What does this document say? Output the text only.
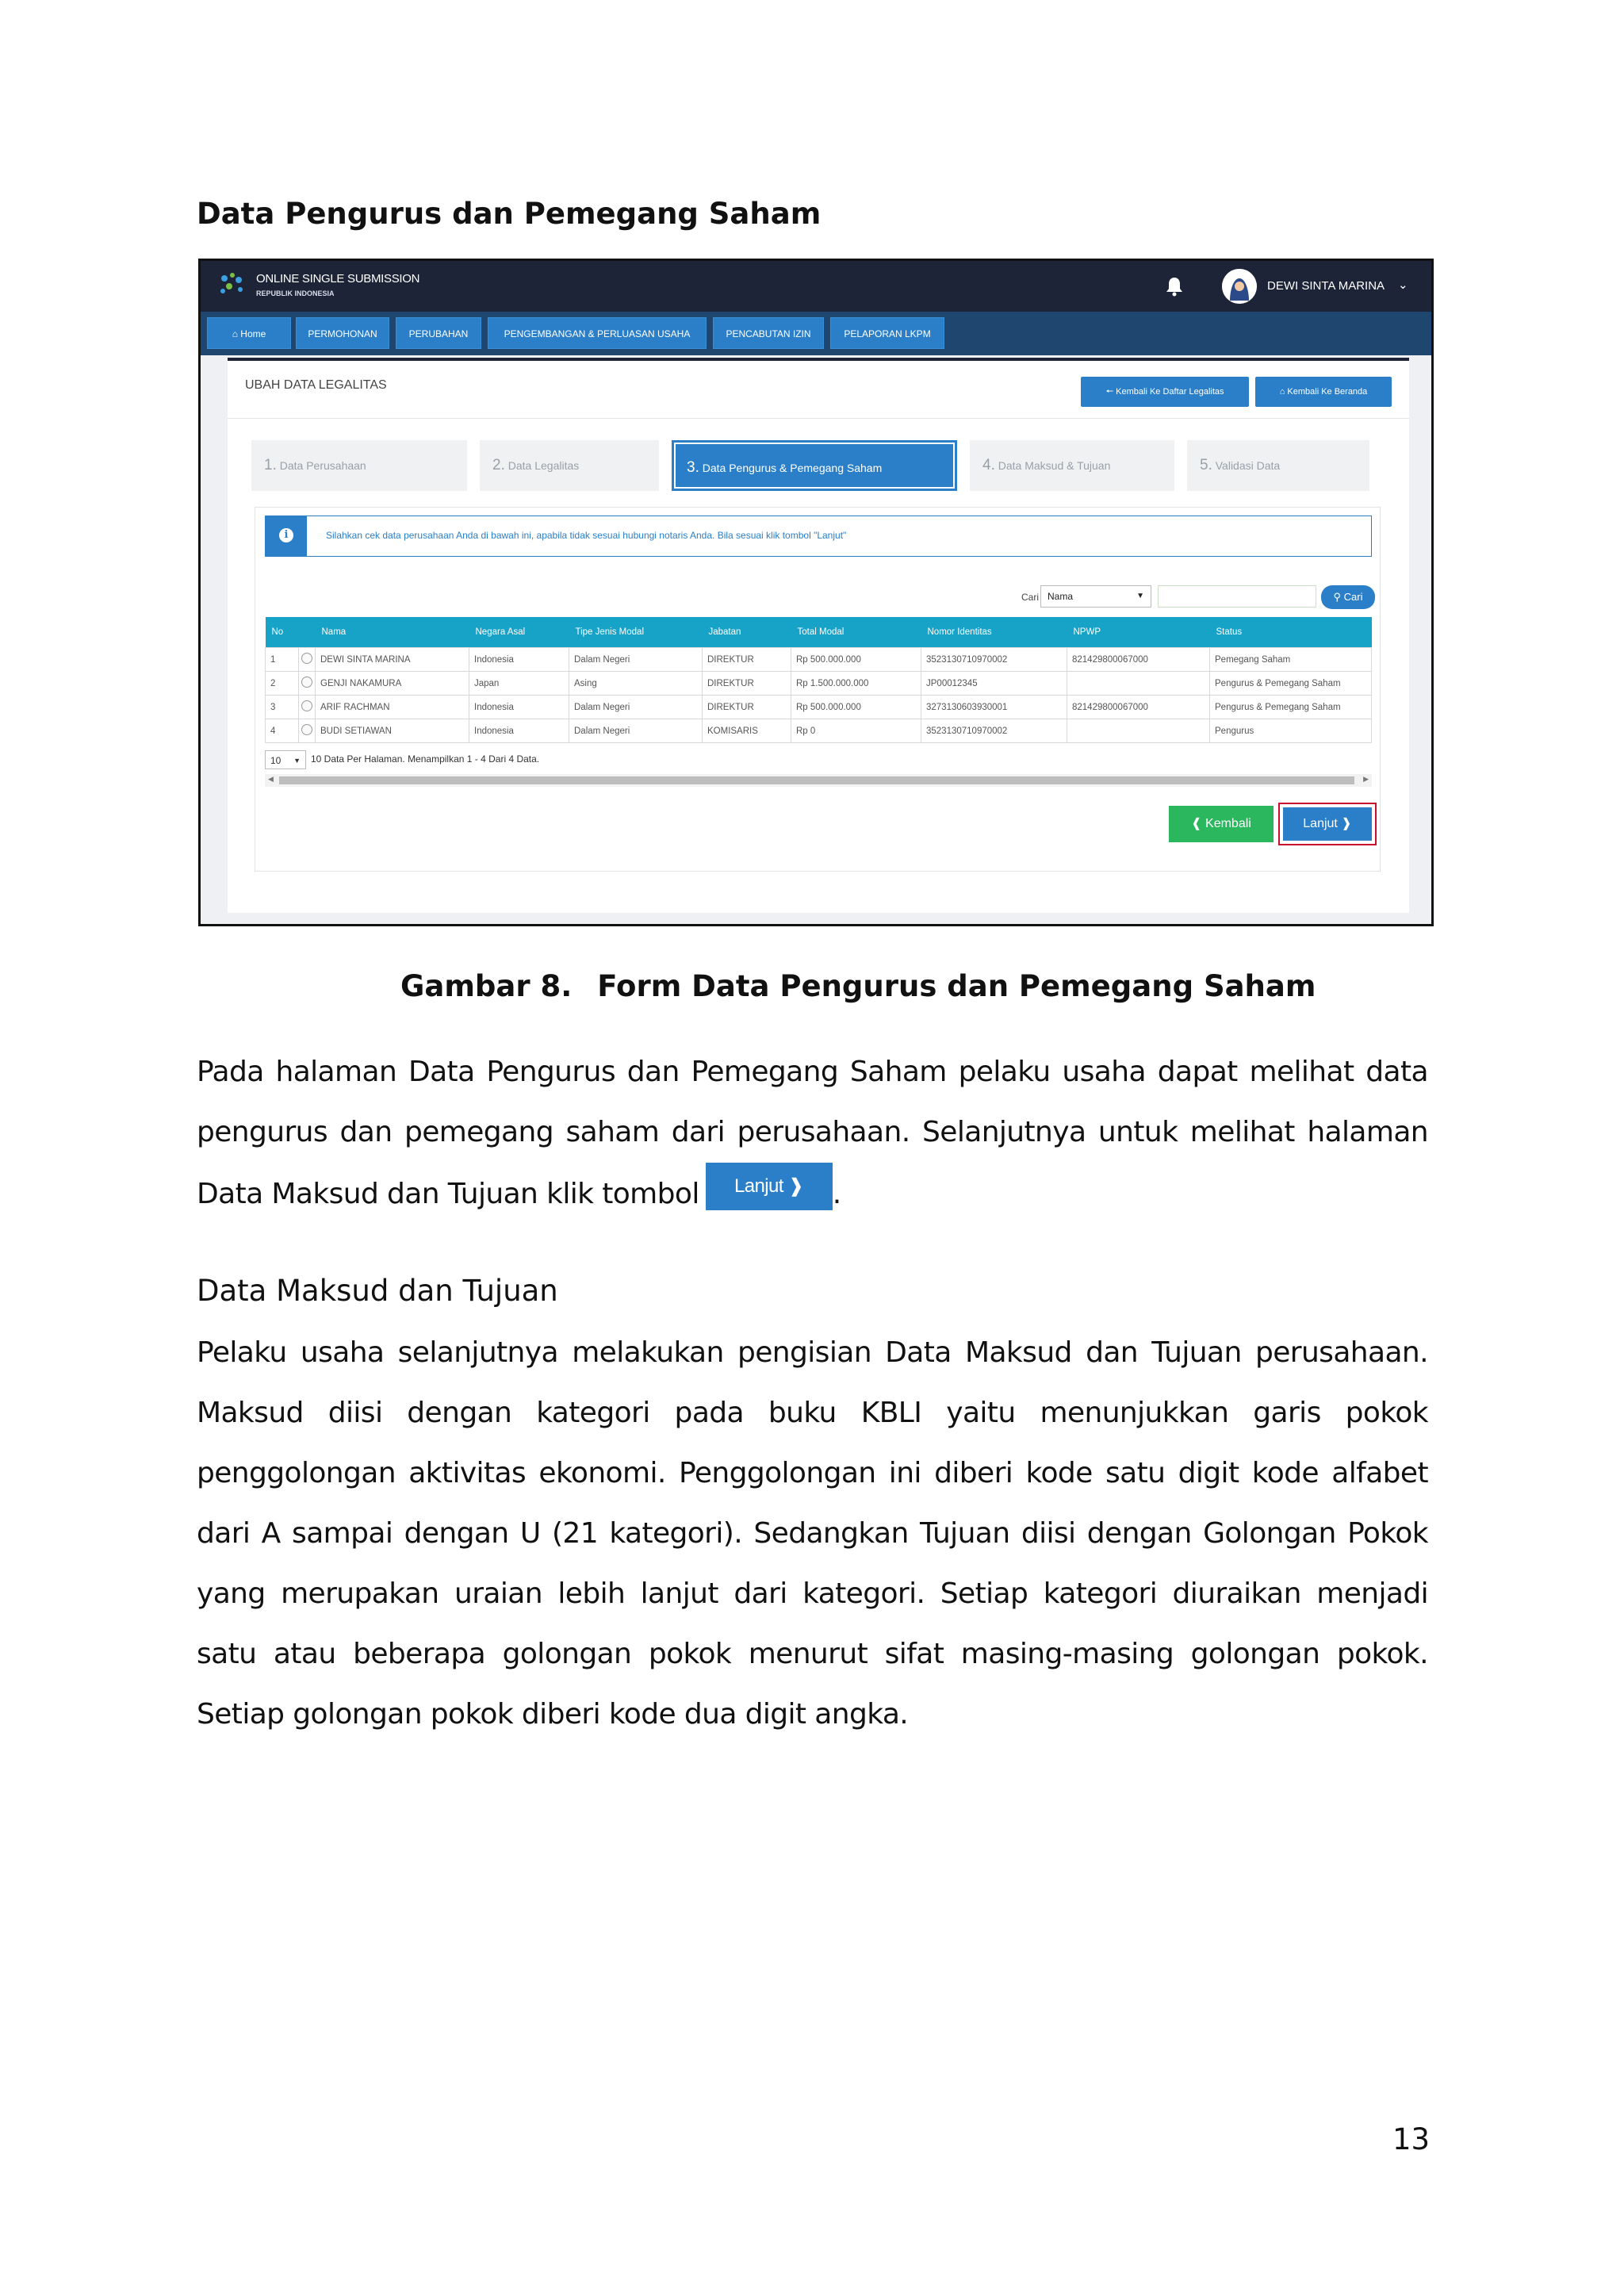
Data Pengurus dan Pemegang Saham
ONLINE SINGLE SUBMISSION
REPUBLIK INDONESIA
DEWI SINTA MARINA ⌄
⌂ Home	PERMOHONAN	PERUBAHAN	PENGEMBANGAN & PERLUASAN USAHA	PENCABUTAN IZIN	PELAPORAN LKPM
UBAH DATA LEGALITAS	🠔 Kembali Ke Daftar Legalitas	⌂ Kembali Ke Beranda
1. Data Perusahaan	2. Data Legalitas	3. Data Pengurus & Pemegang Saham	4. Data Maksud & Tujuan	5. Validasi Data
i	Silahkan cek data perusahaan Anda di bawah ini, apabila tidak sesuai hubungi notaris Anda. Bila sesuai klik tombol "Lanjut"
Cari Nama	▼	⚲ Cari
No		Nama	Negara Asal	Tipe Jenis Modal	Jabatan	Total Modal	Nomor Identitas	NPWP	Status
1		DEWI SINTA MARINA	Indonesia	Dalam Negeri	DIREKTUR	Rp 500.000.000	3523130710970002	821429800067000	Pemegang Saham
2		GENJI NAKAMURA	Japan	Asing	DIREKTUR	Rp 1.500.000.000	JP00012345		Pengurus & Pemegang Saham
3		ARIF RACHMAN	Indonesia	Dalam Negeri	DIREKTUR	Rp 500.000.000	3273130603930001	821429800067000	Pengurus & Pemegang Saham
4		BUDI SETIAWAN	Indonesia	Dalam Negeri	KOMISARIS	Rp 0	3523130710970002		Pengurus
10 ▼ 10 Data Per Halaman. Menampilkan 1 - 4 Dari 4 Data.
◀	▶
❰ Kembali	Lanjut ❱
Gambar 8. Form Data Pengurus dan Pemegang Saham
Pada halaman Data Pengurus dan Pemegang Saham pelaku usaha dapat melihat data pengurus dan pemegang saham dari perusahaan. Selanjutnya untuk melihat halaman Data Maksud dan Tujuan klik tombol Lanjut ❱ .
Data Maksud dan Tujuan
Pelaku usaha selanjutnya melakukan pengisian Data Maksud dan Tujuan perusahaan. Maksud diisi dengan kategori pada buku KBLI yaitu menunjukkan garis pokok penggolongan aktivitas ekonomi. Penggolongan ini diberi kode satu digit kode alfabet dari A sampai dengan U (21 kategori). Sedangkan Tujuan diisi dengan Golongan Pokok yang merupakan uraian lebih lanjut dari kategori. Setiap kategori diuraikan menjadi satu atau beberapa golongan pokok menurut sifat masing-masing golongan pokok. Setiap golongan pokok diberi kode dua digit angka.
13
